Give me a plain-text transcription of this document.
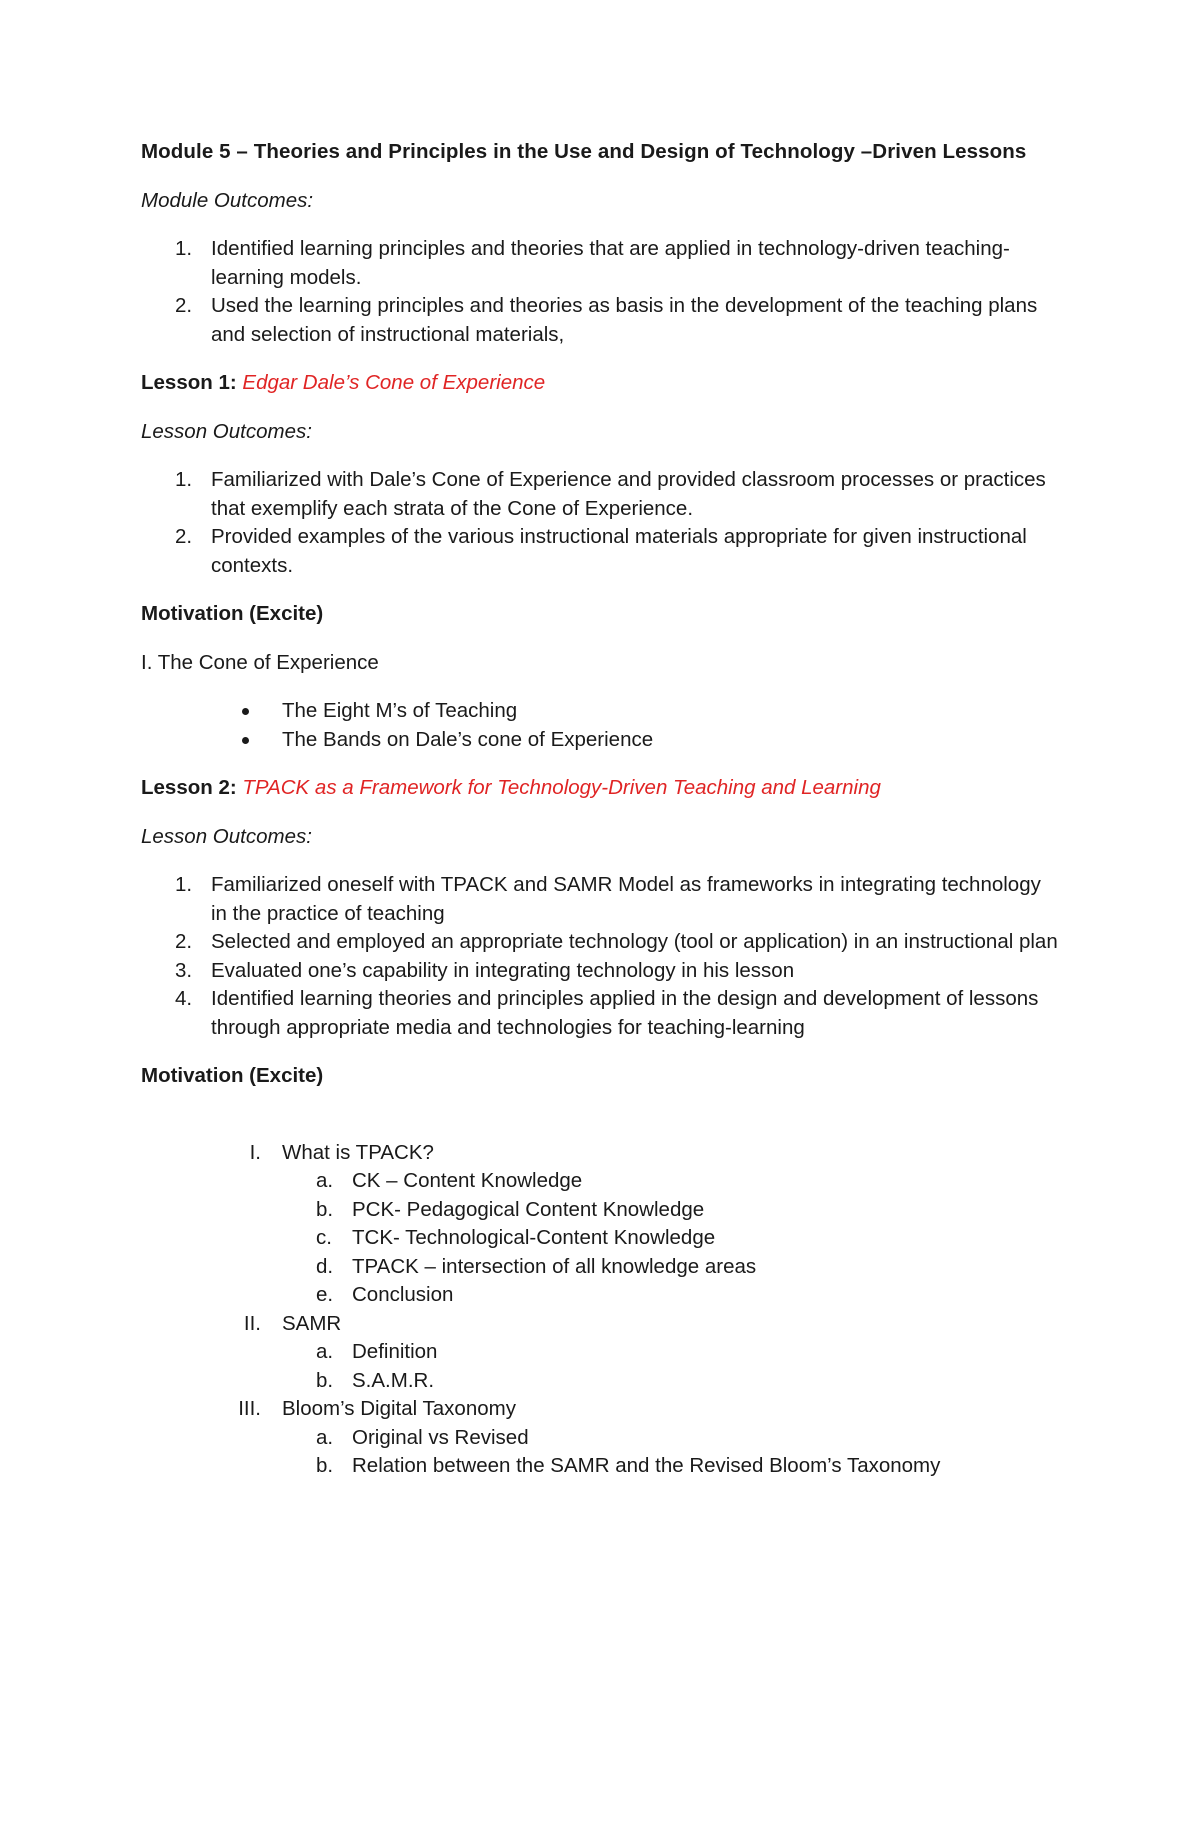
Module 5 – Theories and Principles in the Use and Design of Technology –Driven Lessons
Module Outcomes:
1. Identified learning principles and theories that are applied in technology-driven teaching-learning models.
2. Used the learning principles and theories as basis in the development of the teaching plans and selection of instructional materials,
Lesson 1: Edgar Dale’s Cone of Experience
Lesson Outcomes:
1. Familiarized with Dale’s Cone of Experience and provided classroom processes or practices that exemplify each strata of the Cone of Experience.
2. Provided examples of the various instructional materials appropriate for given instructional contexts.
Motivation (Excite)
I. The Cone of Experience
The Eight M’s of Teaching
The Bands on Dale’s cone of Experience
Lesson 2: TPACK as a Framework for Technology-Driven Teaching and Learning
Lesson Outcomes:
1. Familiarized oneself with TPACK and SAMR Model as frameworks in integrating technology in the practice of teaching
2. Selected and employed an appropriate technology (tool or application) in an instructional plan
3. Evaluated one’s capability in integrating technology in his lesson
4. Identified learning theories and principles applied in the design and development of lessons through appropriate media and technologies for teaching-learning
Motivation (Excite)
I. What is TPACK?
a. CK – Content Knowledge
b. PCK- Pedagogical Content Knowledge
c. TCK- Technological-Content Knowledge
d. TPACK – intersection of all knowledge areas
e. Conclusion
II. SAMR
a. Definition
b. S.A.M.R.
III. Bloom’s Digital Taxonomy
a. Original vs Revised
b. Relation between the SAMR and the Revised Bloom’s Taxonomy
